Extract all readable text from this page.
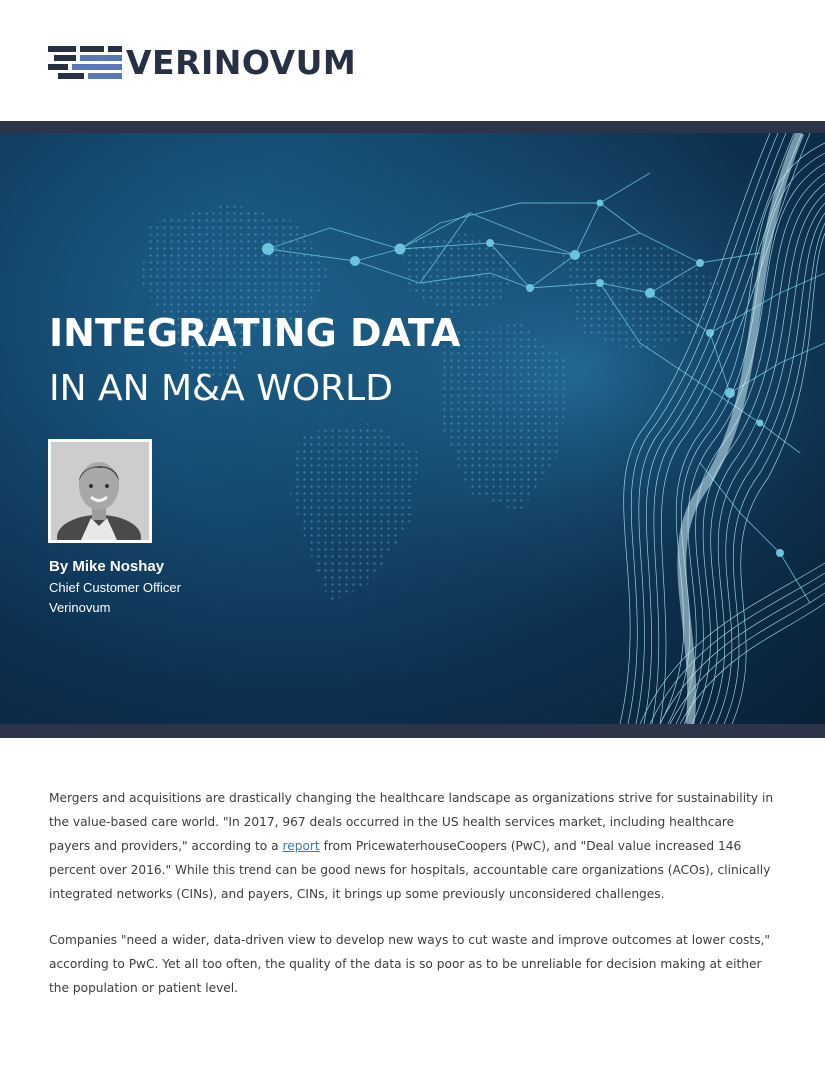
VERINOVUM
INTEGRATING DATA
IN AN M&A WORLD
By Mike Noshay
Chief Customer Officer
Verinovum

Mergers and acquisitions are drastically changing the healthcare landscape as organizations strive for sustainability in the value-based care world. "In 2017, 967 deals occurred in the US health services market, including healthcare payers and providers," according to a report from PricewaterhouseCoopers (PwC), and "Deal value increased 146 percent over 2016." While this trend can be good news for hospitals, accountable care organizations (ACOs), clinically integrated networks (CINs), and payers, CINs, it brings up some previously unconsidered challenges.

Companies "need a wider, data-driven view to develop new ways to cut waste and improve outcomes at lower costs," according to PwC. Yet all too often, the quality of the data is so poor as to be unreliable for decision making at either the population or patient level.
